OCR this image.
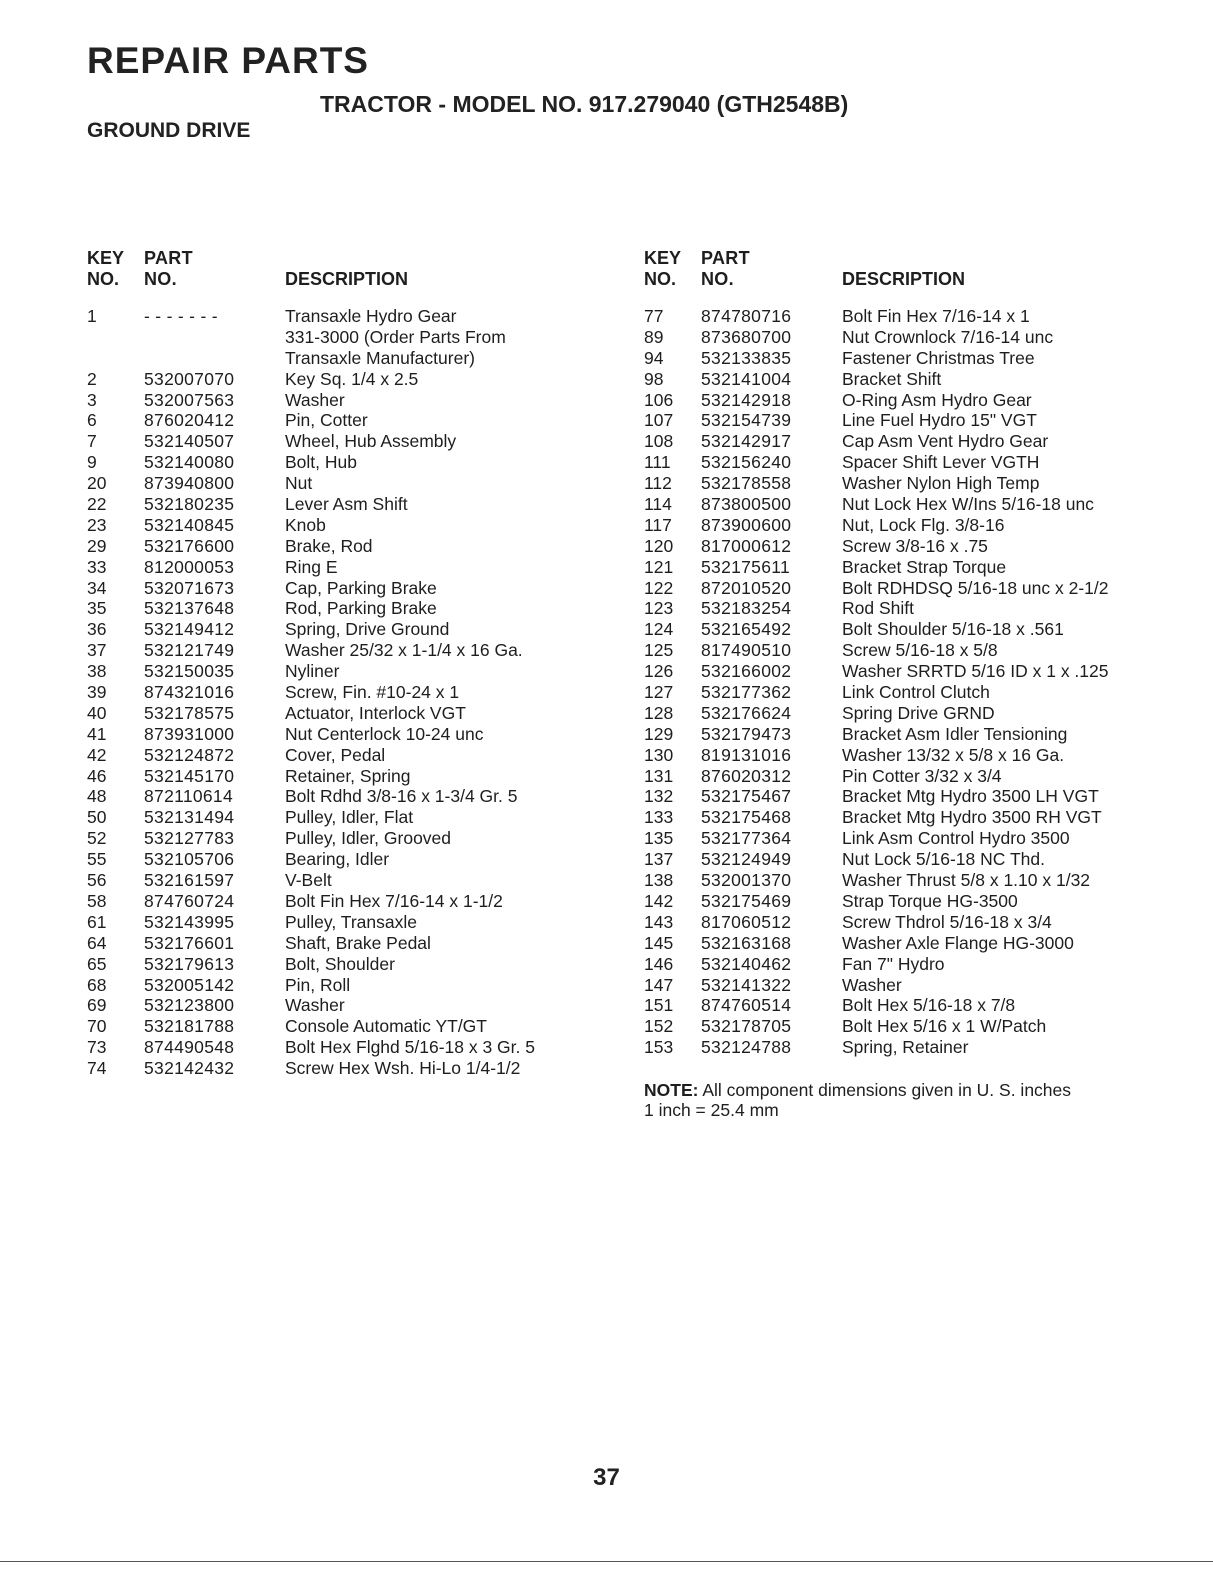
REPAIR PARTS
TRACTOR - MODEL NO. 917.279040 (GTH2548B)
GROUND DRIVE
KEY PART
NO. NO.	DESCRIPTION
1	- - - - - - -	Transaxle Hydro Gear
331-3000 (Order Parts From
Transaxle Manufacturer)
2	532007070	Key Sq. 1/4 x 2.5
3	532007563	Washer
6	876020412	Pin, Cotter
7	532140507	Wheel, Hub Assembly
9	532140080	Bolt, Hub
20 873940800	Nut
22 532180235	Lever Asm Shift
23 532140845	Knob
29 532176600	Brake, Rod
33 812000053	Ring E
34 532071673	Cap, Parking Brake
35 532137648	Rod, Parking Brake
36 532149412	Spring, Drive Ground
37 532121749	Washer 25/32 x 1-1/4 x 16 Ga.
38 532150035	Nyliner
39 874321016	Screw, Fin. #10-24 x 1
40 532178575	Actuator, Interlock VGT
41 873931000	Nut Centerlock 10-24 unc
42 532124872	Cover, Pedal
46 532145170	Retainer, Spring
48 872110614	Bolt Rdhd 3/8-16 x 1-3/4 Gr. 5
50 532131494	Pulley, Idler, Flat
52 532127783	Pulley, Idler, Grooved
55 532105706	Bearing, Idler
56 532161597	V-Belt
58 874760724	Bolt Fin Hex 7/16-14 x 1-1/2
61 532143995	Pulley, Transaxle
64 532176601	Shaft, Brake Pedal
65 532179613	Bolt, Shoulder
68 532005142	Pin, Roll
69 532123800	Washer
70 532181788	Console Automatic YT/GT
73 874490548	Bolt Hex Flghd 5/16-18 x 3 Gr. 5
74 532142432	Screw Hex Wsh. Hi-Lo 1/4-1/2
KEY PART
NO. NO.	DESCRIPTION
77 874780716	Bolt Fin Hex 7/16-14 x 1
89 873680700	Nut Crownlock 7/16-14 unc
94 532133835	Fastener Christmas Tree
98 532141004	Bracket Shift
106 532142918	O-Ring Asm Hydro Gear
107 532154739	Line Fuel Hydro 15" VGT
108 532142917	Cap Asm Vent Hydro Gear
111 532156240	Spacer Shift Lever VGTH
112 532178558	Washer Nylon High Temp
114 873800500	Nut Lock Hex W/Ins 5/16-18 unc
117 873900600	Nut, Lock Flg. 3/8-16
120 817000612	Screw 3/8-16 x .75
121 532175611	Bracket Strap Torque
122 872010520	Bolt RDHDSQ 5/16-18 unc x 2-1/2
123 532183254	Rod Shift
124 532165492	Bolt Shoulder 5/16-18 x .561
125 817490510	Screw 5/16-18 x 5/8
126 532166002	Washer SRRTD 5/16 ID x 1 x .125
127 532177362	Link Control Clutch
128 532176624	Spring Drive GRND
129 532179473	Bracket Asm Idler Tensioning
130 819131016	Washer 13/32 x 5/8 x 16 Ga.
131 876020312	Pin Cotter 3/32 x 3/4
132 532175467	Bracket Mtg Hydro 3500 LH VGT
133 532175468	Bracket Mtg Hydro 3500 RH VGT
135 532177364	Link Asm Control Hydro 3500
137 532124949	Nut Lock 5/16-18 NC Thd.
138 532001370	Washer Thrust 5/8 x 1.10 x 1/32
142 532175469	Strap Torque HG-3500
143 817060512	Screw Thdrol 5/16-18 x 3/4
145 532163168	Washer Axle Flange HG-3000
146 532140462	Fan 7" Hydro
147 532141322	Washer
151 874760514	Bolt Hex 5/16-18 x 7/8
152 532178705	Bolt Hex 5/16 x 1 W/Patch
153 532124788	Spring, Retainer
NOTE: All component dimensions given in U. S. inches 1 inch = 25.4 mm
37
